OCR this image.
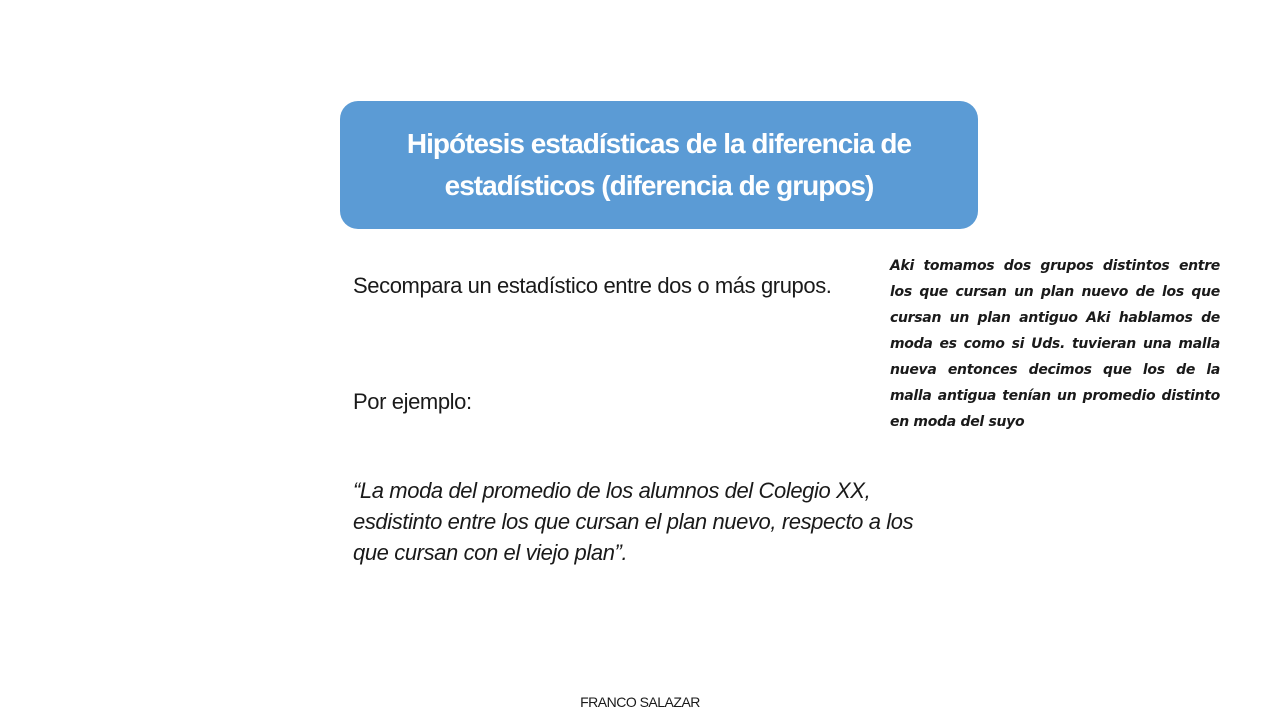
Hipótesis estadísticas de la diferencia de estadísticos (diferencia de grupos)

Secompara un estadístico entre dos o más grupos.

Por ejemplo:

“La moda del promedio de los alumnos del Colegio XX, esdistinto entre los que cursan el plan nuevo, respecto a los que cursan con el viejo plan”.

Aki tomamos dos grupos distintos entre los que cursan un plan nuevo de los que cursan un plan antiguo Aki hablamos de moda es como si Uds. tuvieran una malla nueva entonces decimos que los de la malla antigua tenían un promedio distinto en moda del suyo
FRANCO SALAZAR
